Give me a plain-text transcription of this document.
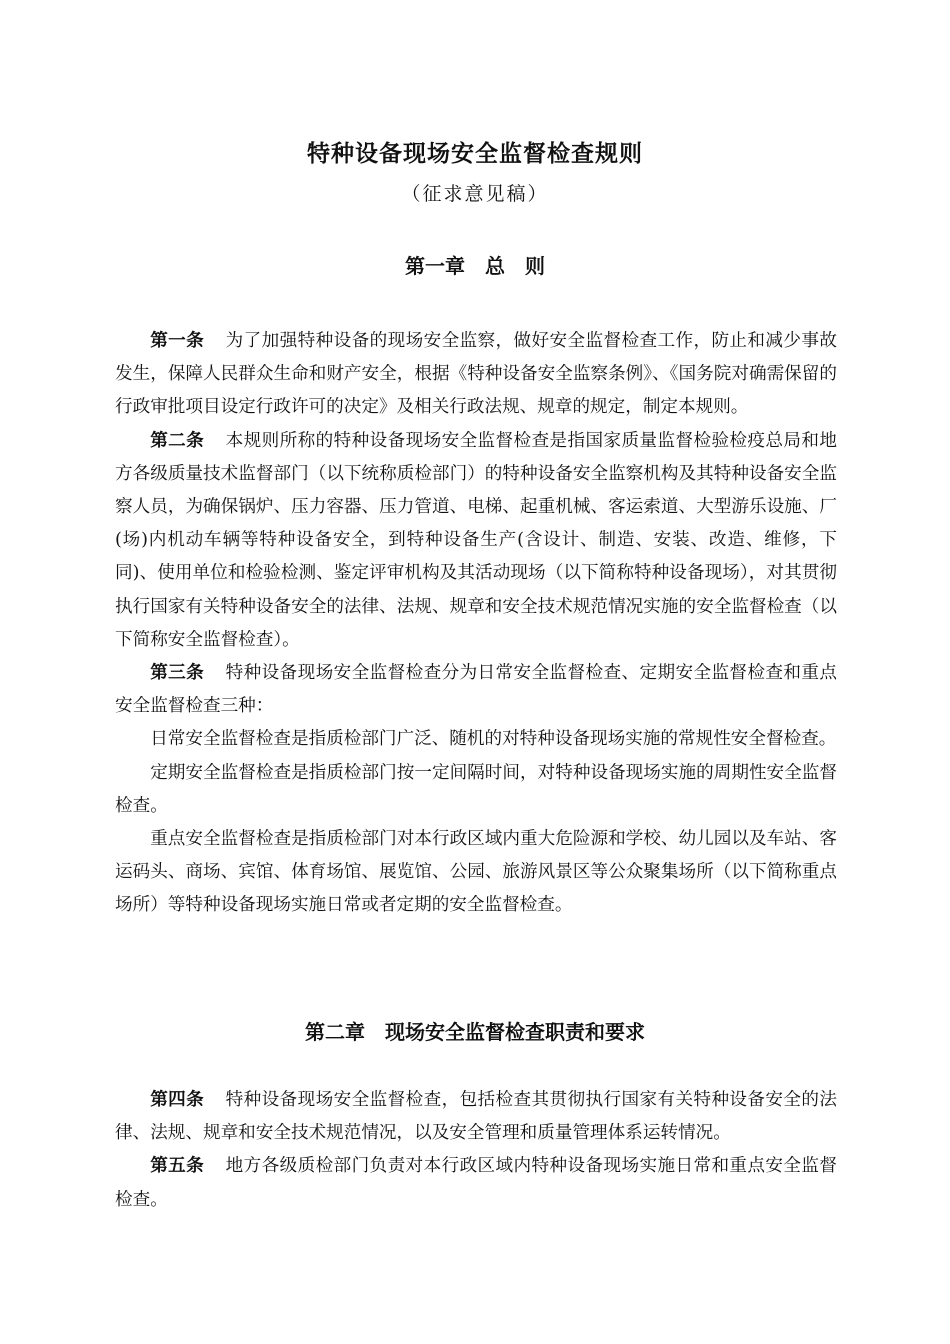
特种设备现场安全监督检查规则
（征求意见稿）
第一章　总　则

第一条 为了加强特种设备的现场安全监察，做好安全监督检查工作，防止和减少事故发生，保障人民群众生命和财产安全，根据《特种设备安全监察条例》、《国务院对确需保留的行政审批项目设定行政许可的决定》及相关行政法规、规章的规定，制定本规则。

第二条 本规则所称的特种设备现场安全监督检查是指国家质量监督检验检疫总局和地方各级质量技术监督部门（以下统称质检部门）的特种设备安全监察机构及其特种设备安全监察人员，为确保锅炉、压力容器、压力管道、电梯、起重机械、客运索道、大型游乐设施、厂(场)内机动车辆等特种设备安全，到特种设备生产(含设计、制造、安装、改造、维修，下同)、使用单位和检验检测、鉴定评审机构及其活动现场（以下简称特种设备现场），对其贯彻执行国家有关特种设备安全的法律、法规、规章和安全技术规范情况实施的安全监督检查（以下简称安全监督检查）。

第三条 特种设备现场安全监督检查分为日常安全监督检查、定期安全监督检查和重点安全监督检查三种：

日常安全监督检查是指质检部门广泛、随机的对特种设备现场实施的常规性安全督检查。

定期安全监督检查是指质检部门按一定间隔时间，对特种设备现场实施的周期性安全监督检查。

重点安全监督检查是指质检部门对本行政区域内重大危险源和学校、幼儿园以及车站、客运码头、商场、宾馆、体育场馆、展览馆、公园、旅游风景区等公众聚集场所（以下简称重点场所）等特种设备现场实施日常或者定期的安全监督检查。

第二章　现场安全监督检查职责和要求

第四条 特种设备现场安全监督检查，包括检查其贯彻执行国家有关特种设备安全的法律、法规、规章和安全技术规范情况，以及安全管理和质量管理体系运转情况。

第五条 地方各级质检部门负责对本行政区域内特种设备现场实施日常和重点安全监督检查。
